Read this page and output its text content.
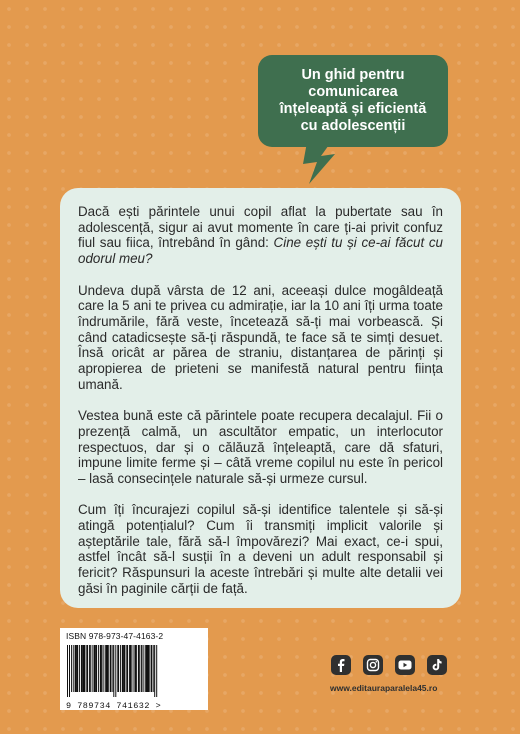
Un ghid pentru
comunicarea
înțeleaptă și eficientă
cu adolescenții

Dacă ești părintele unui copil aflat la pubertate sau în adolescență, sigur ai avut momente în care ți-ai privit confuz fiul sau fiica, întrebând în gând: Cine ești tu și ce-ai făcut cu odorul meu?

Undeva după vârsta de 12 ani, aceeași dulce mogâldeață care la 5 ani te privea cu admirație, iar la 10 ani îți urma toate îndrumările, fără veste, încetează să-ți mai vorbească. Și când catadicsește să-ți răspundă, te face să te simți desuet. Însă oricât ar părea de straniu, distanțarea de părinți și apropierea de prieteni se manifestă natural pentru ființa umană.

Vestea bună este că părintele poate recupera decalajul. Fii o prezență calmă, un ascultător empatic, un interlocutor respectuos, dar și o călăuză înțeleaptă, care dă sfaturi, impune limite ferme și – câtă vreme copilul nu este în pericol – lasă consecințele naturale să-și urmeze cursul.

Cum îți încurajezi copilul să-și identifice talentele și să-și atingă potențialul? Cum îi transmiți implicit valorile și așteptările tale, fără să-l împovărezi? Mai exact, ce-i spui, astfel încât să-l susții în a deveni un adult responsabil și fericit? Răspunsuri la aceste întrebări și multe alte detalii vei găsi în paginile cărții de față.

ISBN 978-973-47-4163-2
9 789734 741632 >
www.editauraparalela45.ro
